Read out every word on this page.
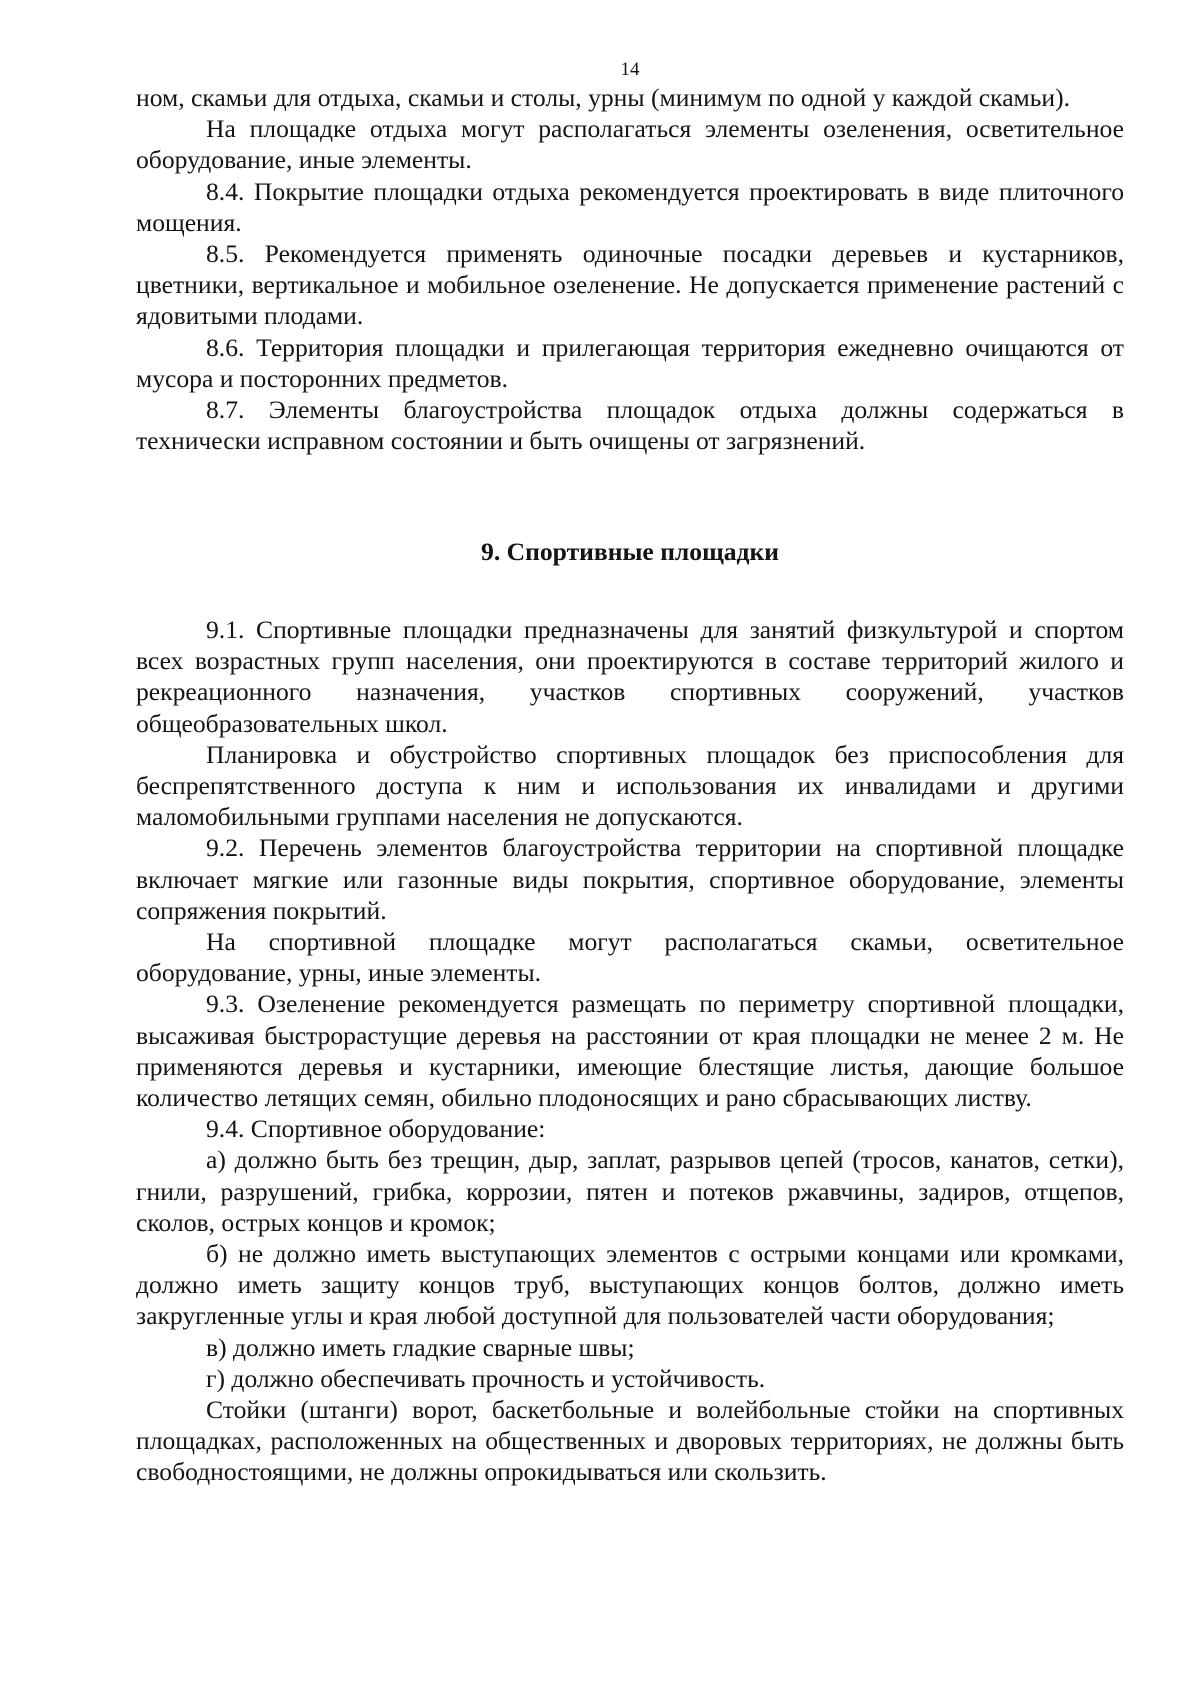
14

ном, скамьи для отдыха, скамьи и столы, урны (минимум по одной у каждой скамьи).

На площадке отдыха могут располагаться элементы озеленения, осветительное оборудование, иные элементы.

8.4. Покрытие площадки отдыха рекомендуется проектировать в виде плиточного мощения.

8.5. Рекомендуется применять одиночные посадки деревьев и кустарников, цветники, вертикальное и мобильное озеленение. Не допускается применение растений с ядовитыми плодами.

8.6. Территория площадки и прилегающая территория ежедневно очищаются от мусора и посторонних предметов.

8.7. Элементы благоустройства площадок отдыха должны содержаться в технически исправном состоянии и быть очищены от загрязнений.

9. Спортивные площадки

9.1. Спортивные площадки предназначены для занятий физкультурой и спортом всех возрастных групп населения, они проектируются в составе территорий жилого и рекреационного назначения, участков спортивных сооружений, участков общеобразовательных школ.

Планировка и обустройство спортивных площадок без приспособления для беспрепятственного доступа к ним и использования их инвалидами и другими маломобильными группами населения не допускаются.

9.2. Перечень элементов благоустройства территории на спортивной площадке включает мягкие или газонные виды покрытия, спортивное оборудование, элементы сопряжения покрытий.

На спортивной площадке могут располагаться скамьи, осветительное оборудование, урны, иные элементы.

9.3. Озеленение рекомендуется размещать по периметру спортивной площадки, высаживая быстрорастущие деревья на расстоянии от края площадки не менее 2 м. Не применяются деревья и кустарники, имеющие блестящие листья, дающие большое количество летящих семян, обильно плодоносящих и рано сбрасывающих листву.

9.4. Спортивное оборудование:

а) должно быть без трещин, дыр, заплат, разрывов цепей (тросов, канатов, сетки), гнили, разрушений, грибка, коррозии, пятен и потеков ржавчины, задиров, отщепов, сколов, острых концов и кромок;

б) не должно иметь выступающих элементов с острыми концами или кромками, должно иметь защиту концов труб, выступающих концов болтов, должно иметь закругленные углы и края любой доступной для пользователей части оборудования;

в) должно иметь гладкие сварные швы;

г) должно обеспечивать прочность и устойчивость.

Стойки (штанги) ворот, баскетбольные и волейбольные стойки на спортивных площадках, расположенных на общественных и дворовых территориях, не должны быть свободностоящими, не должны опрокидываться или скользить.
